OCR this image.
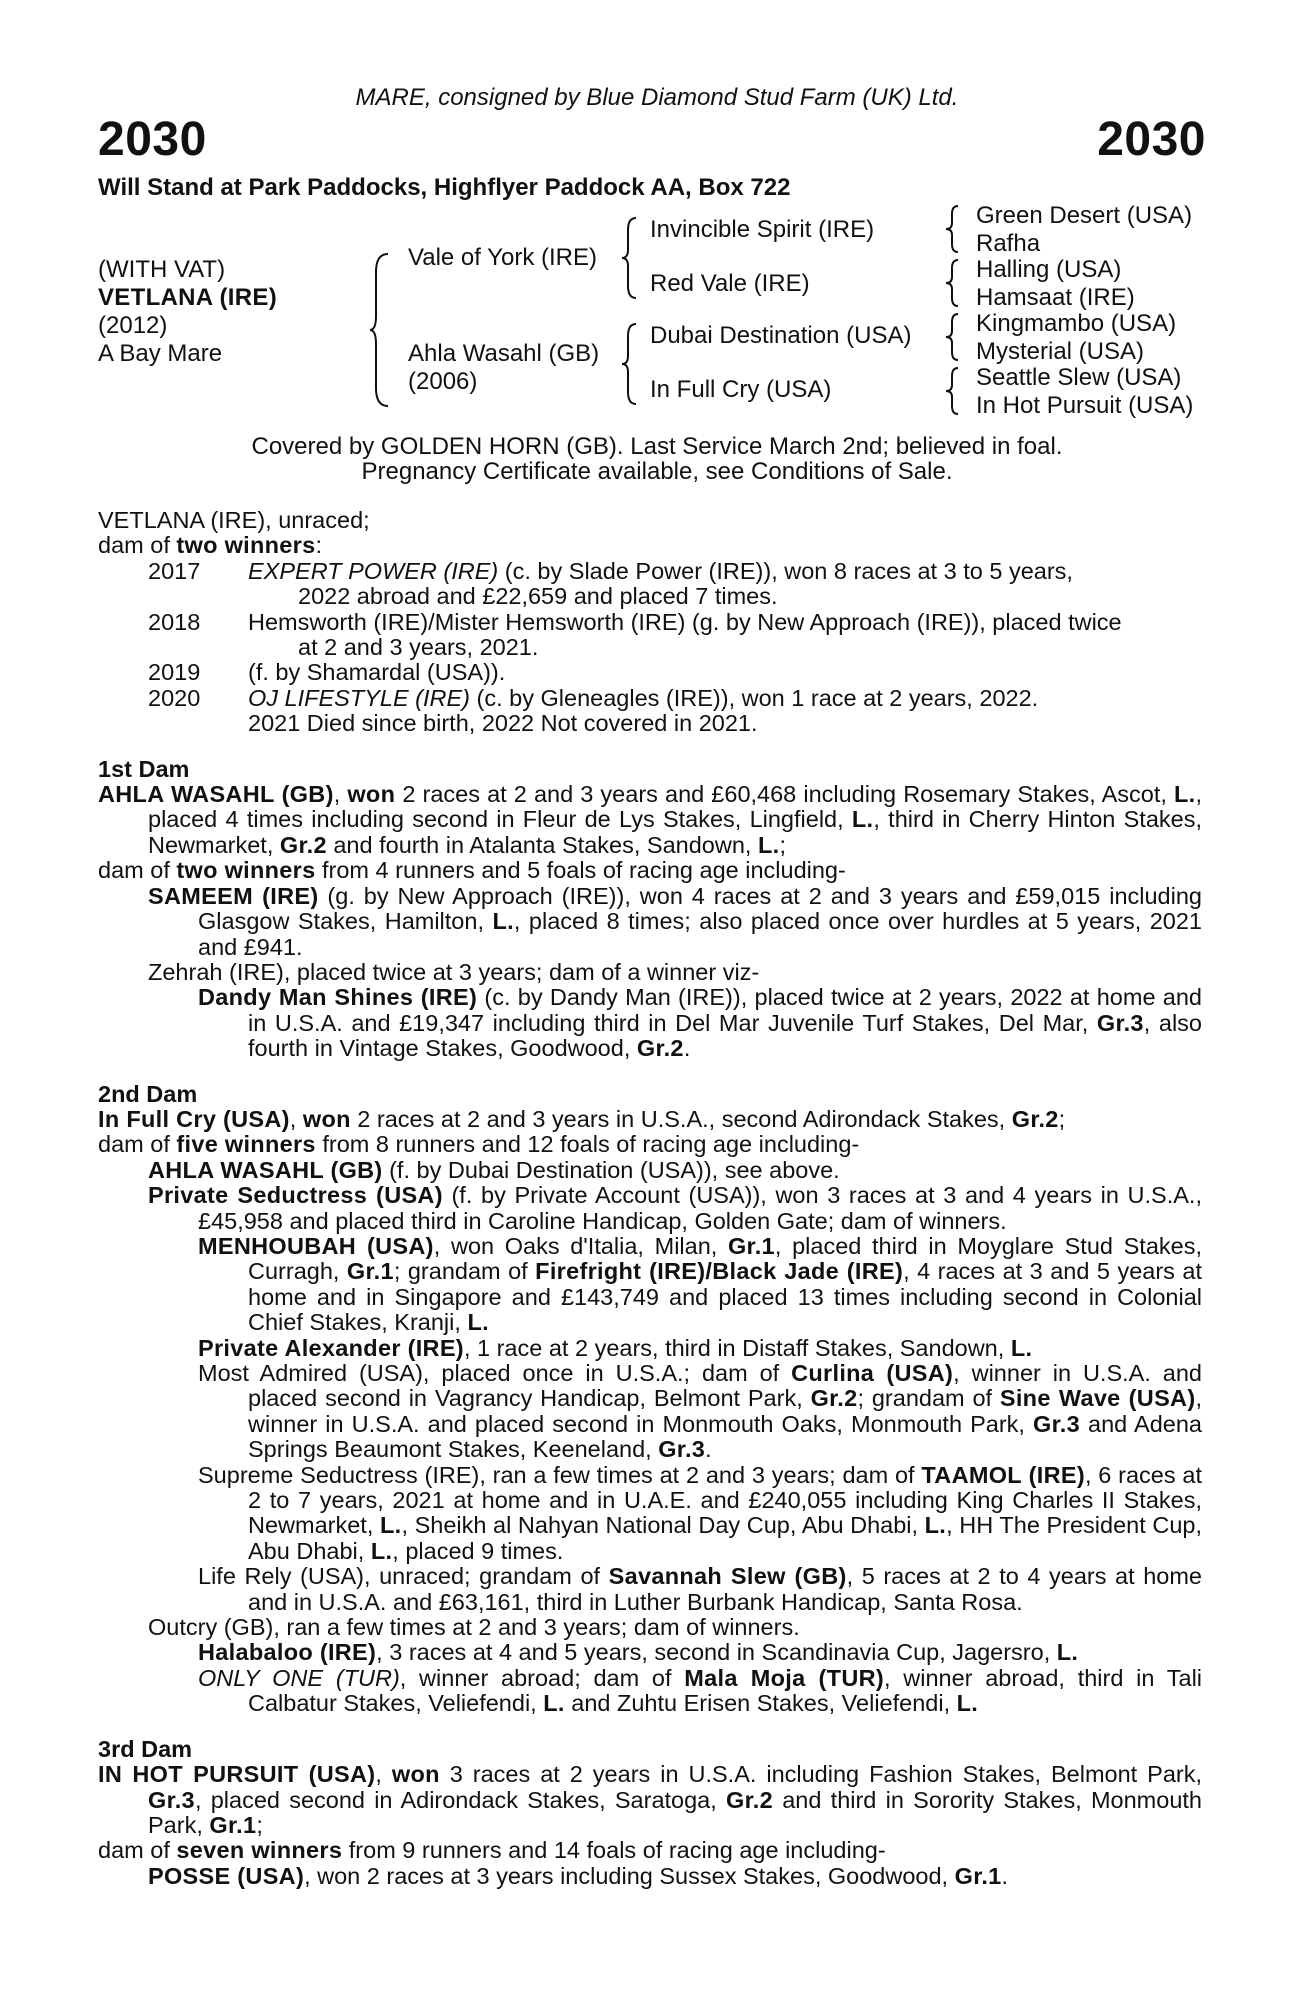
MARE, consigned by Blue Diamond Stud Farm (UK) Ltd.
2030	2030
Will Stand at Park Paddocks, Highflyer Paddock AA, Box 722
(WITH VAT)
VETLANA (IRE)
(2012)
A Bay Mare
Vale of York (IRE)
Ahla Wasahl (GB)
(2006)
Invincible Spirit (IRE)
Red Vale (IRE)
Dubai Destination (USA)
In Full Cry (USA)
Green Desert (USA)
Rafha
Halling (USA)
Hamsaat (IRE)
Kingmambo (USA)
Mysterial (USA)
Seattle Slew (USA)
In Hot Pursuit (USA)
Covered by GOLDEN HORN (GB). Last Service March 2nd; believed in foal.
Pregnancy Certificate available, see Conditions of Sale.

VETLANA (IRE), unraced;

dam of two winners:

2017	EXPERT POWER (IRE) (c. by Slade Power (IRE)), won 8 races at 3 to 5 years,
2022 abroad and £22,659 and placed 7 times.
2018	Hemsworth (IRE)/Mister Hemsworth (IRE) (g. by New Approach (IRE)), placed twice
at 2 and 3 years, 2021.
2019	(f. by Shamardal (USA)).
2020	OJ LIFESTYLE (IRE) (c. by Gleneagles (IRE)), won 1 race at 2 years, 2022.
2021 Died since birth, 2022 Not covered in 2021.
1st Dam

AHLA WASAHL (GB), won 2 races at 2 and 3 years and £60,468 including Rosemary Stakes, Ascot, L., placed 4 times including second in Fleur de Lys Stakes, Lingfield, L., third in Cherry Hinton Stakes, Newmarket, Gr.2 and fourth in Atalanta Stakes, Sandown, L.;

dam of two winners from 4 runners and 5 foals of racing age including-

SAMEEM (IRE) (g. by New Approach (IRE)), won 4 races at 2 and 3 years and £59,015 including Glasgow Stakes, Hamilton, L., placed 8 times; also placed once over hurdles at 5 years, 2021 and £941.

Zehrah (IRE), placed twice at 3 years; dam of a winner viz-

Dandy Man Shines (IRE) (c. by Dandy Man (IRE)), placed twice at 2 years, 2022 at home and in U.S.A. and £19,347 including third in Del Mar Juvenile Turf Stakes, Del Mar, Gr.3, also fourth in Vintage Stakes, Goodwood, Gr.2.

2nd Dam

In Full Cry (USA), won 2 races at 2 and 3 years in U.S.A., second Adirondack Stakes, Gr.2;

dam of five winners from 8 runners and 12 foals of racing age including-

AHLA WASAHL (GB) (f. by Dubai Destination (USA)), see above.

Private Seductress (USA) (f. by Private Account (USA)), won 3 races at 3 and 4 years in U.S.A., £45,958 and placed third in Caroline Handicap, Golden Gate; dam of winners.

MENHOUBAH (USA), won Oaks d'Italia, Milan, Gr.1, placed third in Moyglare Stud Stakes, Curragh, Gr.1; grandam of Firefright (IRE)/Black Jade (IRE), 4 races at 3 and 5 years at home and in Singapore and £143,749 and placed 13 times including second in Colonial Chief Stakes, Kranji, L.

Private Alexander (IRE), 1 race at 2 years, third in Distaff Stakes, Sandown, L.

Most Admired (USA), placed once in U.S.A.; dam of Curlina (USA), winner in U.S.A. and placed second in Vagrancy Handicap, Belmont Park, Gr.2; grandam of Sine Wave (USA), winner in U.S.A. and placed second in Monmouth Oaks, Monmouth Park, Gr.3 and Adena Springs Beaumont Stakes, Keeneland, Gr.3.

Supreme Seductress (IRE), ran a few times at 2 and 3 years; dam of TAAMOL (IRE), 6 races at 2 to 7 years, 2021 at home and in U.A.E. and £240,055 including King Charles II Stakes, Newmarket, L., Sheikh al Nahyan National Day Cup, Abu Dhabi, L., HH The President Cup, Abu Dhabi, L., placed 9 times.

Life Rely (USA), unraced; grandam of Savannah Slew (GB), 5 races at 2 to 4 years at home and in U.S.A. and £63,161, third in Luther Burbank Handicap, Santa Rosa.

Outcry (GB), ran a few times at 2 and 3 years; dam of winners.

Halabaloo (IRE), 3 races at 4 and 5 years, second in Scandinavia Cup, Jagersro, L.

ONLY ONE (TUR), winner abroad; dam of Mala Moja (TUR), winner abroad, third in Tali Calbatur Stakes, Veliefendi, L. and Zuhtu Erisen Stakes, Veliefendi, L.

3rd Dam

IN HOT PURSUIT (USA), won 3 races at 2 years in U.S.A. including Fashion Stakes, Belmont Park, Gr.3, placed second in Adirondack Stakes, Saratoga, Gr.2 and third in Sorority Stakes, Monmouth Park, Gr.1;

dam of seven winners from 9 runners and 14 foals of racing age including-

POSSE (USA), won 2 races at 3 years including Sussex Stakes, Goodwood, Gr.1.
